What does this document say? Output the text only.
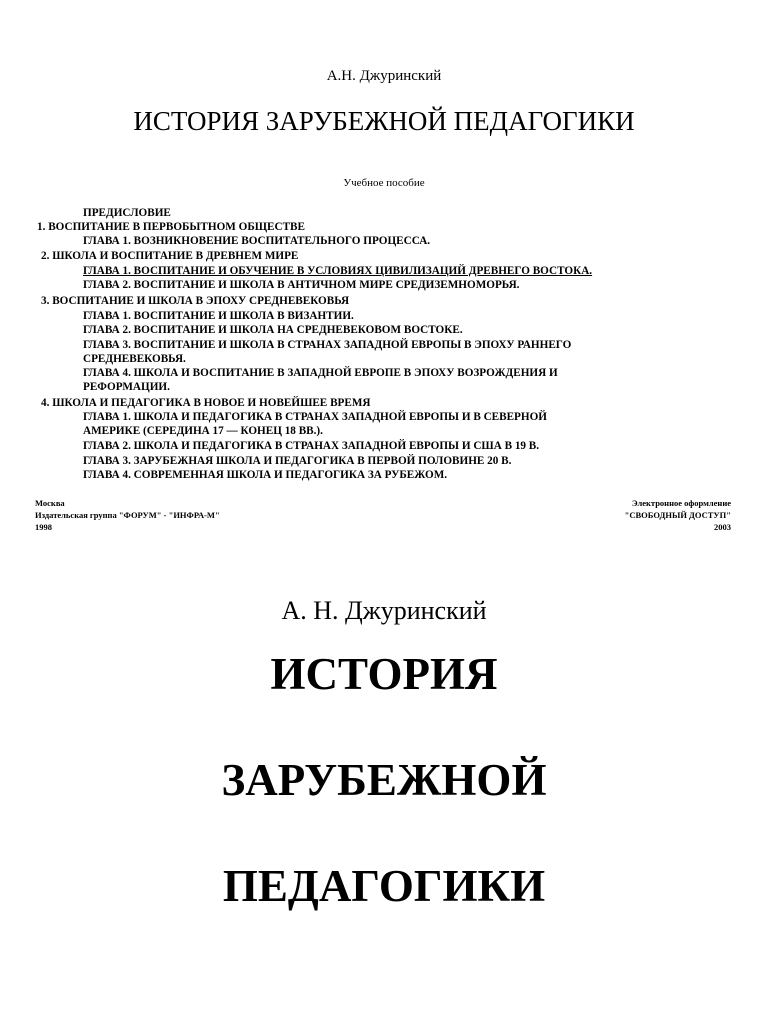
А.Н. Джуринский
ИСТОРИЯ ЗАРУБЕЖНОЙ ПЕДАГОГИКИ
Учебное пособие
ПРЕДИСЛОВИЕ
1. ВОСПИТАНИЕ В ПЕРВОБЫТНОМ ОБЩЕСТВЕ
ГЛАВА 1. ВОЗНИКНОВЕНИЕ ВОСПИТАТЕЛЬНОГО ПРОЦЕССА.
2. ШКОЛА И ВОСПИТАНИЕ В ДРЕВНЕМ МИРЕ
ГЛАВА 1. ВОСПИТАНИЕ И ОБУЧЕНИЕ В УСЛОВИЯХ ЦИВИЛИЗАЦИЙ ДРЕВНЕГО ВОСТОКА.
ГЛАВА 2. ВОСПИТАНИЕ И ШКОЛА В АНТИЧНОМ МИРЕ СРЕДИЗЕМНОМОРЬЯ.
3. ВОСПИТАНИЕ И ШКОЛА В ЭПОХУ СРЕДНЕВЕКОВЬЯ
ГЛАВА 1. ВОСПИТАНИЕ И ШКОЛА В ВИЗАНТИИ.
ГЛАВА 2. ВОСПИТАНИЕ И ШКОЛА НА СРЕДНЕВЕКОВОМ ВОСТОКЕ.
ГЛАВА 3. ВОСПИТАНИЕ И ШКОЛА В СТРАНАХ ЗАПАДНОЙ ЕВРОПЫ В ЭПОХУ РАННЕГО
СРЕДНЕВЕКОВЬЯ.
ГЛАВА 4. ШКОЛА И ВОСПИТАНИЕ В ЗАПАДНОЙ ЕВРОПЕ В ЭПОХУ ВОЗРОЖДЕНИЯ И
РЕФОРМАЦИИ.
4. ШКОЛА И ПЕДАГОГИКА В НОВОЕ И НОВЕЙШЕЕ ВРЕМЯ
ГЛАВА 1. ШКОЛА И ПЕДАГОГИКА В СТРАНАХ ЗАПАДНОЙ ЕВРОПЫ И В СЕВЕРНОЙ
АМЕРИКЕ (СЕРЕДИНА 17 — КОНЕЦ 18 ВВ.).
ГЛАВА 2. ШКОЛА И ПЕДАГОГИКА В СТРАНАХ ЗАПАДНОЙ ЕВРОПЫ И США В 19 В.
ГЛАВА 3. ЗАРУБЕЖНАЯ ШКОЛА И ПЕДАГОГИКА В ПЕРВОЙ ПОЛОВИНЕ 20 В.
ГЛАВА 4. СОВРЕМЕННАЯ ШКОЛА И ПЕДАГОГИКА ЗА РУБЕЖОМ.
Москва
Издательская группа "ФОРУМ" - "ИНФРА-М"
1998
Электронное оформление
"СВОБОДНЫЙ ДОСТУП"
2003
А. Н. Джуринский
ИСТОРИЯ
ЗАРУБЕЖНОЙ
ПЕДАГОГИКИ
